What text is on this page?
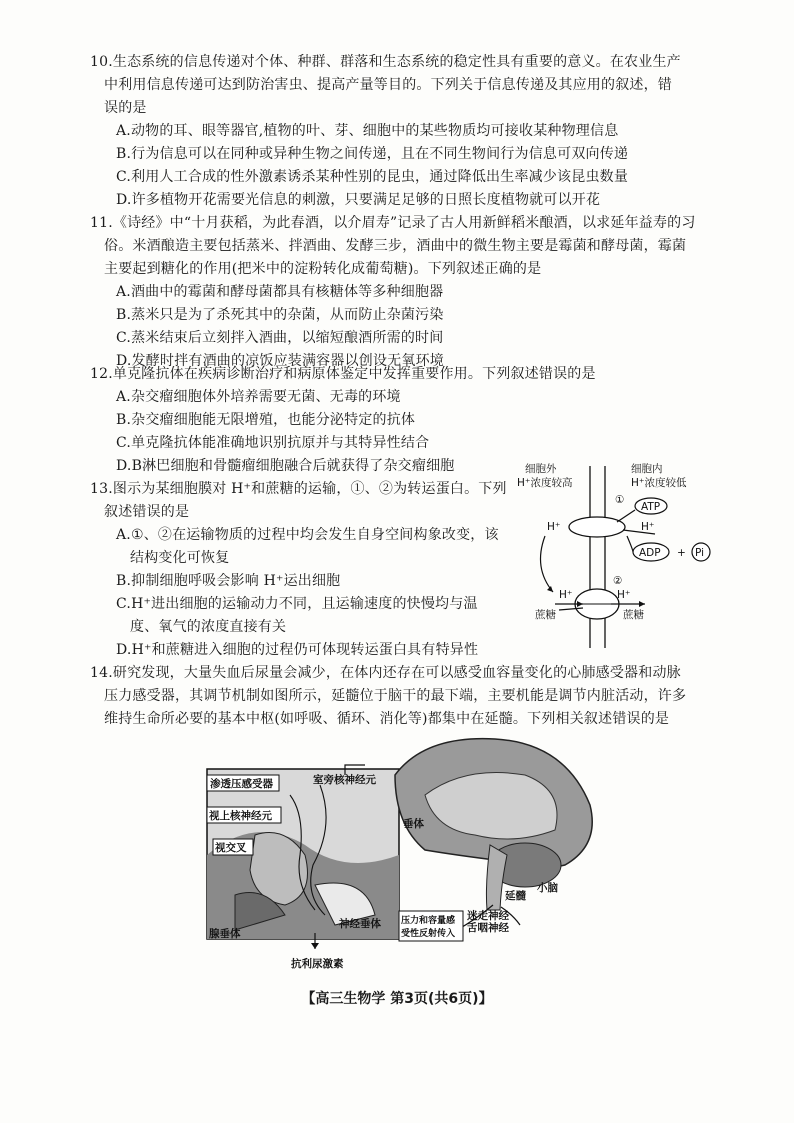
10.生态系统的信息传递对个体、种群、群落和生态系统的稳定性具有重要的意义。在农业生产
中利用信息传递可达到防治害虫、提高产量等目的。下列关于信息传递及其应用的叙述，错
误的是
A.动物的耳、眼等器官,植物的叶、芽、细胞中的某些物质均可接收某种物理信息
B.行为信息可以在同种或异种生物之间传递，且在不同生物间行为信息可双向传递
C.利用人工合成的性外激素诱杀某种性别的昆虫，通过降低出生率减少该昆虫数量
D.许多植物开花需要光信息的刺激，只要满足足够的日照长度植物就可以开花
11.《诗经》中“十月获稻，为此春酒，以介眉寿”记录了古人用新鲜稻米酿酒，以求延年益寿的习
俗。米酒酿造主要包括蒸米、拌酒曲、发酵三步，酒曲中的微生物主要是霉菌和酵母菌，霉菌
主要起到糖化的作用(把米中的淀粉转化成葡萄糖)。下列叙述正确的是
A.酒曲中的霉菌和酵母菌都具有核糖体等多种细胞器
B.蒸米只是为了杀死其中的杂菌，从而防止杂菌污染
C.蒸米结束后立刻拌入酒曲，以缩短酿酒所需的时间
D.发酵时拌有酒曲的凉饭应装满容器以创设无氧环境
12.单克隆抗体在疾病诊断治疗和病原体鉴定中发挥重要作用。下列叙述错误的是
A.杂交瘤细胞体外培养需要无菌、无毒的环境
B.杂交瘤细胞能无限增殖，也能分泌特定的抗体
C.单克隆抗体能准确地识别抗原并与其特异性结合
D.B淋巴细胞和骨髓瘤细胞融合后就获得了杂交瘤细胞
13.图示为某细胞膜对 H⁺和蔗糖的运输，①、②为转运蛋白。下列
叙述错误的是
A.①、②在运输物质的过程中均会发生自身空间构象改变，该
结构变化可恢复
B.抑制细胞呼吸会影响 H⁺运出细胞
C.H⁺进出细胞的运输动力不同，且运输速度的快慢均与温
度、氧气的浓度直接有关
D.H⁺和蔗糖进入细胞的过程仍可体现转运蛋白具有特异性
细胞外
H⁺浓度较高
细胞内
H⁺浓度较低
①
ATP
H⁺	H⁺
ADP + Pi
②
H⁺	H⁺
蔗糖	蔗糖
14.研究发现，大量失血后尿量会减少，在体内还存在可以感受血容量变化的心肺感受器和动脉
压力感受器，其调节机制如图所示，延髓位于脑干的最下端，主要机能是调节内脏活动，许多
维持生命所必要的基本中枢(如呼吸、循环、消化等)都集中在延髓。下列相关叙述错误的是
渗透压感受器	室旁核神经元
视上核神经元
视交叉
垂体
神经垂体
腺垂体
抗利尿激素
小脑
延髓
迷走神经
舌咽神经
压力和容量感
受性反射传入
【高三生物学 第3页(共6页)】
